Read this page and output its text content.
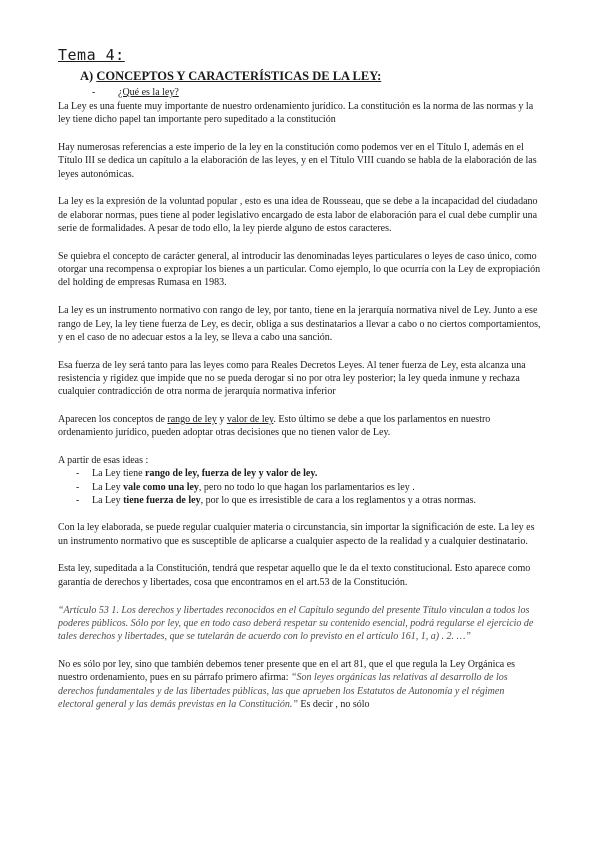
Tema 4:
A) CONCEPTOS Y CARACTERÍSTICAS DE LA LEY:
- ¿Qué es la ley?

La Ley es una fuente muy importante de nuestro ordenamiento jurídico. La constitución es la norma de las normas y la ley tiene dicho papel tan importante pero supeditado a la constitución

Hay numerosas referencias a este imperio de la ley en la constitución como podemos ver en el Título I, además en el Título III se dedica un capítulo a la elaboración de las leyes, y en el Título VIII cuando se habla de la elaboración de las leyes autonómicas.

La ley es la expresión de la voluntad popular , esto es una idea de Rousseau, que se debe a la incapacidad del ciudadano de elaborar normas, pues tiene al poder legislativo encargado de esta labor de elaboración para el cual debe cumplir una serie de formalidades. A pesar de todo ello, la ley pierde alguno de estos caracteres.

Se quiebra el concepto de carácter general, al introducir las denominadas leyes particulares o leyes de caso único, como otorgar una recompensa o expropiar los bienes a un particular. Como ejemplo, lo que ocurría con la Ley de expropiación del holding de empresas Rumasa en 1983.

La ley es un instrumento normativo con rango de ley, por tanto, tiene en la jerarquía normativa nivel de Ley. Junto a ese rango de Ley, la ley tiene fuerza de Ley, es decir, obliga a sus destinatarios a llevar a cabo o no ciertos comportamientos, y en el caso de no adecuar estos a la ley, se lleva a cabo una sanción.

Esa fuerza de ley será tanto para las leyes como para Reales Decretos Leyes. Al tener fuerza de Ley, esta alcanza una resistencia y rigidez que impide que no se pueda derogar si no por otra ley posterior; la ley queda inmune y rechaza cualquier contradicción de otra norma de jerarquía normativa inferior

Aparecen los conceptos de rango de ley y valor de ley. Esto último se debe a que los parlamentos en nuestro ordenamiento jurídico, pueden adoptar otras decisiones que no tienen valor de Ley.

A partir de esas ideas :

- La Ley tiene rango de ley, fuerza de ley y valor de ley.
- La Ley vale como una ley, pero no todo lo que hagan los parlamentarios es ley .
- La Ley tiene fuerza de ley, por lo que es irresistible de cara a los reglamentos y a otras normas.

Con la ley elaborada, se puede regular cualquier materia o circunstancia, sin importar la significación de este. La ley es un instrumento normativo que es susceptible de aplicarse a cualquier aspecto de la realidad y a cualquier destinatario.

Esta ley, supeditada a la Constitución, tendrá que respetar aquello que le da el texto constitucional. Esto aparece como garantía de derechos y libertades, cosa que encontramos en el art.53 de la Constitución.

“Artículo 53 1. Los derechos y libertades reconocidos en el Capítulo segundo del presente Título vinculan a todos los poderes públicos. Sólo por ley, que en todo caso deberá respetar su contenido esencial, podrá regularse el ejercicio de tales derechos y libertades, que se tutelarán de acuerdo con lo previsto en el artículo 161, 1, a) . 2. …”

No es sólo por ley, sino que también debemos tener presente que en el art 81, que el que regula la Ley Orgánica es nuestro ordenamiento, pues en su párrafo primero afirma: “Son leyes orgánicas las relativas al desarrollo de los derechos fundamentales y de las libertades públicas, las que aprueben los Estatutos de Autonomía y el régimen electoral general y las demás previstas en la Constitución.” Es decir , no sólo
